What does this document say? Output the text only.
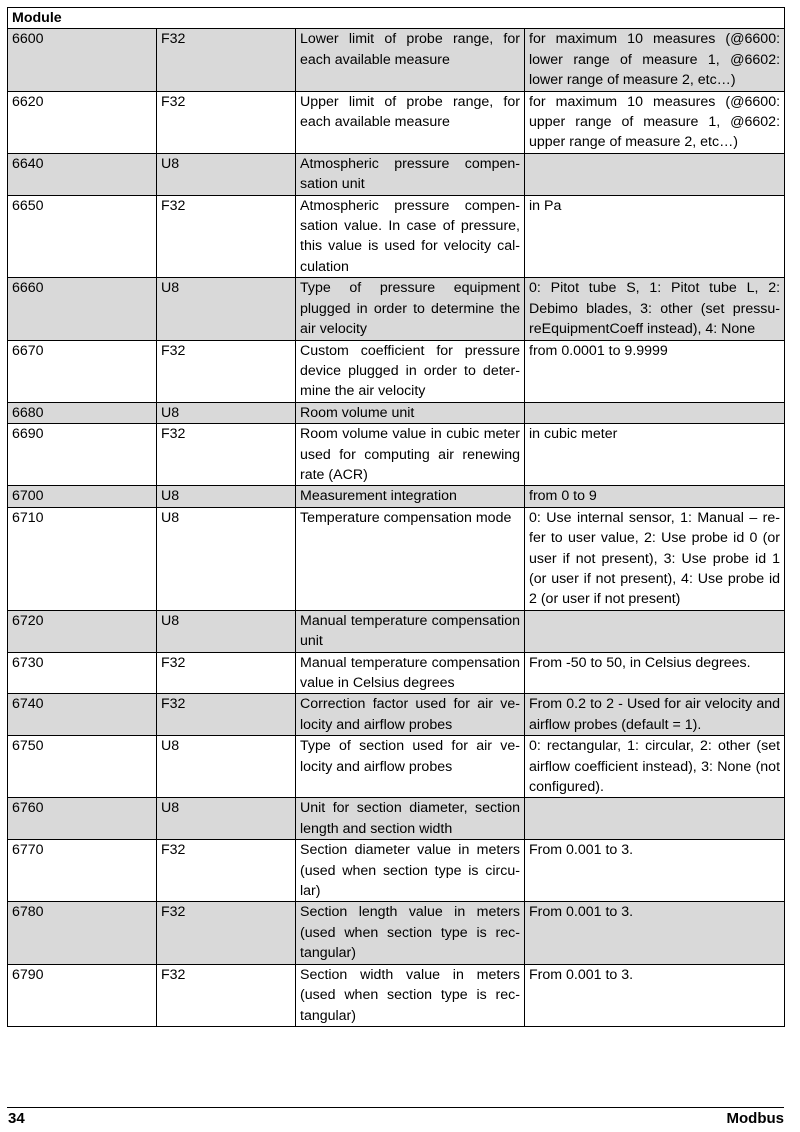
Module			
6600	F32	Lower limit of probe range, for each available measure	for maximum 10 measures (@6600: lower range of measure 1, @6602: lower range of measure 2, etc…)
6620	F32	Upper limit of probe range, for each available measure	for maximum 10 measures (@6600: upper range of measure 1, @6602: upper range of measure 2, etc…)
6640	U8	Atmospheric pressure compensation unit	
6650	F32	Atmospheric pressure compensation value. In case of pressure, this value is used for velocity calculation	in Pa
6660	U8	Type of pressure equipment plugged in order to determine the air velocity	0: Pitot tube S, 1: Pitot tube L, 2: Debimo blades, 3: other (set pressureEquipmentCoeff instead), 4: None
6670	F32	Custom coefficient for pressure device plugged in order to determine the air velocity	from 0.0001 to 9.9999
6680	U8	Room volume unit	
6690	F32	Room volume value in cubic meter used for computing air renewing rate (ACR)	in cubic meter
6700	U8	Measurement integration	from 0 to 9
6710	U8	Temperature compensation mode	0: Use internal sensor, 1: Manual – refer to user value, 2: Use probe id 0 (or user if not present), 3: Use probe id 1 (or user if not present), 4: Use probe id 2 (or user if not present)
6720	U8	Manual temperature compensation unit	
6730	F32	Manual temperature compensation value in Celsius degrees	From -50 to 50, in Celsius degrees.
6740	F32	Correction factor used for air velocity and airflow probes	From 0.2 to 2 - Used for air velocity and airflow probes (default = 1).
6750	U8	Type of section used for air velocity and airflow probes	0: rectangular, 1: circular, 2: other (set airflow coefficient instead), 3: None (not configured).
6760	U8	Unit for section diameter, section length and section width	
6770	F32	Section diameter value in meters (used when section type is circular)	From 0.001 to 3.
6780	F32	Section length value in meters (used when section type is rectangular)	From 0.001 to 3.
6790	F32	Section width value in meters (used when section type is rectangular)	From 0.001 to 3.
34	Modbus
